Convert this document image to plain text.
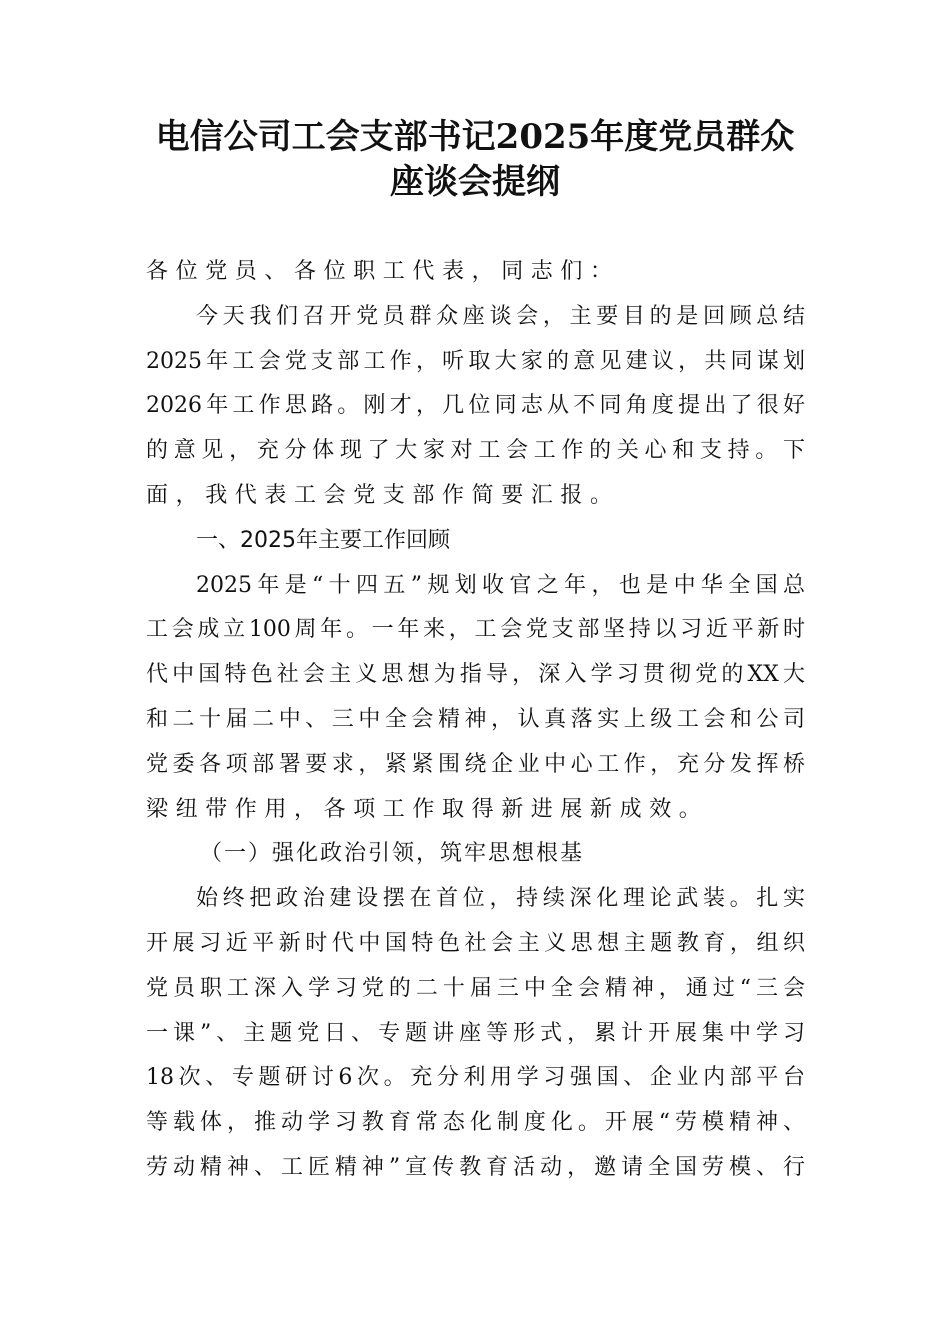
电信公司工会支部书记2025年度党员群众
座谈会提纲
各位党员、各位职工代表，同志们：
今天我们召开党员群众座谈会，主要目的是回顾总结
2025年工会党支部工作，听取大家的意见建议，共同谋划
2026年工作思路。刚才，几位同志从不同角度提出了很好
的意见，充分体现了大家对工会工作的关心和支持。下
面，我代表工会党支部作简要汇报。
一、2025年主要工作回顾
2025年是“十四五”规划收官之年，也是中华全国总
工会成立100周年。一年来，工会党支部坚持以习近平新时
代中国特色社会主义思想为指导，深入学习贯彻党的XX大
和二十届二中、三中全会精神，认真落实上级工会和公司
党委各项部署要求，紧紧围绕企业中心工作，充分发挥桥
梁纽带作用，各项工作取得新进展新成效。
（一）强化政治引领，筑牢思想根基
始终把政治建设摆在首位，持续深化理论武装。扎实
开展习近平新时代中国特色社会主义思想主题教育，组织
党员职工深入学习党的二十届三中全会精神，通过“三会
一课”、主题党日、专题讲座等形式，累计开展集中学习
18次、专题研讨6次。充分利用学习强国、企业内部平台
等载体，推动学习教育常态化制度化。开展“劳模精神、
劳动精神、工匠精神”宣传教育活动，邀请全国劳模、行
